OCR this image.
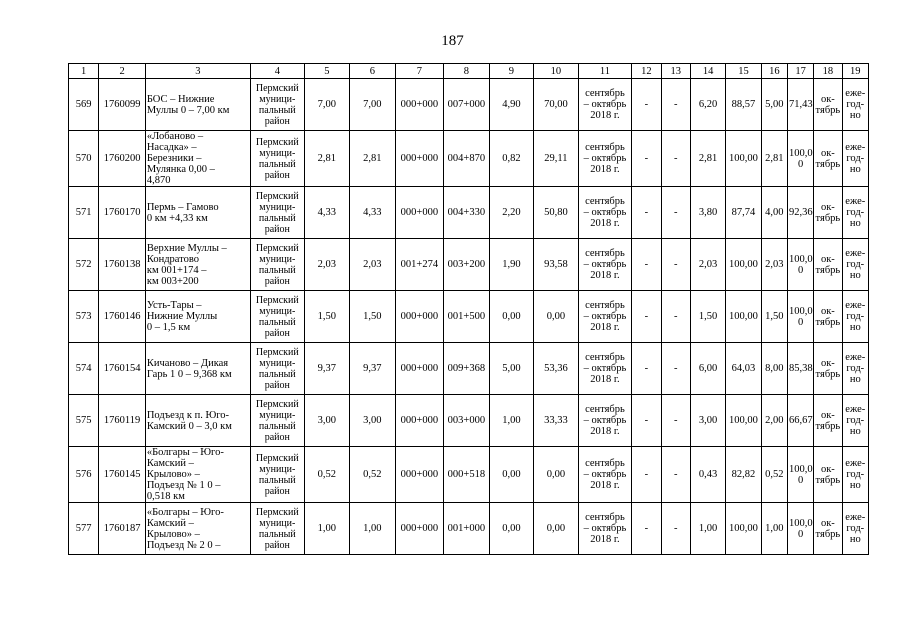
187
1	2	3	4	5	6	7	8	9	10	11	12	13	14	15	16	17	18	19
569	1760099	БОС – Нижние
Муллы 0 – 7,00 км	Пермский
муници-
пальный
район	7,00	7,00	000+000	007+000	4,90	70,00	сентябрь
– октябрь
2018 г.	-	-	6,20	88,57	5,00	71,43	ок-
тябрь	еже-
год-
но
570	1760200	«Лобаново –
Насадка» –
Березники –
Мулянка 0,00 –
4,870	Пермский
муници-
пальный
район	2,81	2,81	000+000	004+870	0,82	29,11	сентябрь
– октябрь
2018 г.	-	-	2,81	100,00	2,81	100,0
0	ок-
тябрь	еже-
год-
но
571	1760170	Пермь – Гамово
0 км +4,33 км	Пермский
муници-
пальный
район	4,33	4,33	000+000	004+330	2,20	50,80	сентябрь
– октябрь
2018 г.	-	-	3,80	87,74	4,00	92,36	ок-
тябрь	еже-
год-
но
572	1760138	Верхние Муллы –
Кондратово
км 001+174 –
км 003+200	Пермский
муници-
пальный
район	2,03	2,03	001+274	003+200	1,90	93,58	сентябрь
– октябрь
2018 г.	-	-	2,03	100,00	2,03	100,0
0	ок-
тябрь	еже-
год-
но
573	1760146	Усть-Тары –
Нижние Муллы
0 – 1,5 км	Пермский
муници-
пальный
район	1,50	1,50	000+000	001+500	0,00	0,00	сентябрь
– октябрь
2018 г.	-	-	1,50	100,00	1,50	100,0
0	ок-
тябрь	еже-
год-
но
574	1760154	Кичаново – Дикая
Гарь 1 0 – 9,368 км	Пермский
муници-
пальный
район	9,37	9,37	000+000	009+368	5,00	53,36	сентябрь
– октябрь
2018 г.	-	-	6,00	64,03	8,00	85,38	ок-
тябрь	еже-
год-
но
575	1760119	Подъезд к п. Юго-
Камский 0 – 3,0 км	Пермский
муници-
пальный
район	3,00	3,00	000+000	003+000	1,00	33,33	сентябрь
– октябрь
2018 г.	-	-	3,00	100,00	2,00	66,67	ок-
тябрь	еже-
год-
но
576	1760145	«Болгары – Юго-
Камский –
Крылово» –
Подъезд № 1 0 –
0,518 км	Пермский
муници-
пальный
район	0,52	0,52	000+000	000+518	0,00	0,00	сентябрь
– октябрь
2018 г.	-	-	0,43	82,82	0,52	100,0
0	ок-
тябрь	еже-
год-
но
577	1760187	«Болгары – Юго-
Камский –
Крылово» –
Подъезд № 2 0 –	Пермский
муници-
пальный
район	1,00	1,00	000+000	001+000	0,00	0,00	сентябрь
– октябрь
2018 г.	-	-	1,00	100,00	1,00	100,0
0	ок-
тябрь	еже-
год-
но
